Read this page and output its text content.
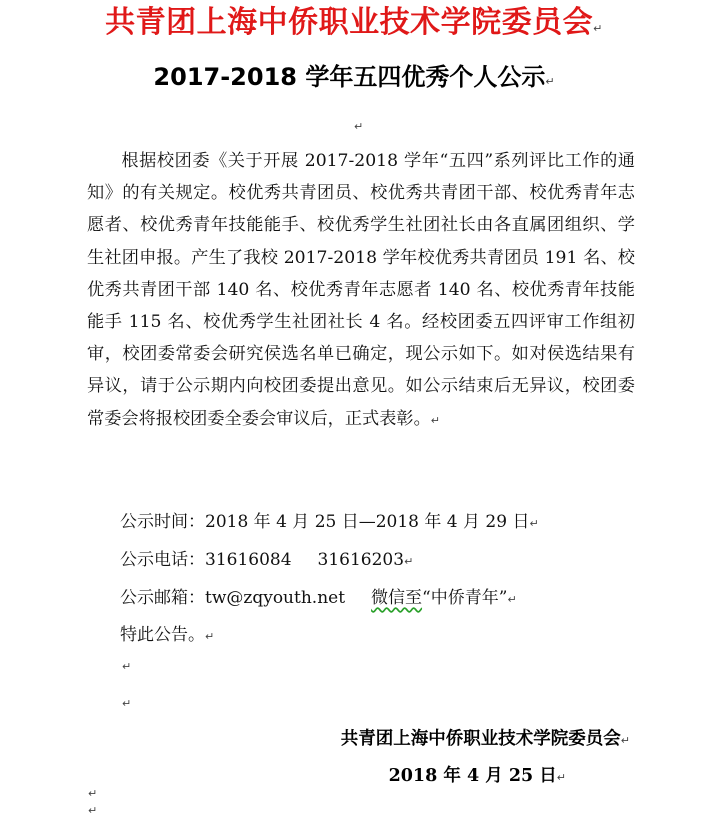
共青团上海中侨职业技术学院委员会↵
2017-2018 学年五四优秀个人公示↵
↵
根据校团委《关于开展 2017-2018 学年“五四”系列评比工作的通知》的有关规定。校优秀共青团员、校优秀共青团干部、校优秀青年志愿者、校优秀青年技能能手、校优秀学生社团社长由各直属团组织、学生社团申报。产生了我校 2017-2018 学年校优秀共青团员 191 名、校优秀共青团干部 140 名、校优秀青年志愿者 140 名、校优秀青年技能能手 115 名、校优秀学生社团社长 4 名。经校团委五四评审工作组初审，校团委常委会研究侯选名单已确定，现公示如下。如对侯选结果有异议，请于公示期内向校团委提出意见。如公示结束后无异议，校团委常委会将报校团委全委会审议后，正式表彰。↵
公示时间：2018 年 4 月 25 日—2018 年 4 月 29 日↵
公示电话：31616084 31616203↵
公示邮箱：tw@zqyouth.net 微信至“中侨青年”↵
特此公告。↵
↵
↵
共青团上海中侨职业技术学院委员会↵
2018 年 4 月 25 日↵
↵
↵
